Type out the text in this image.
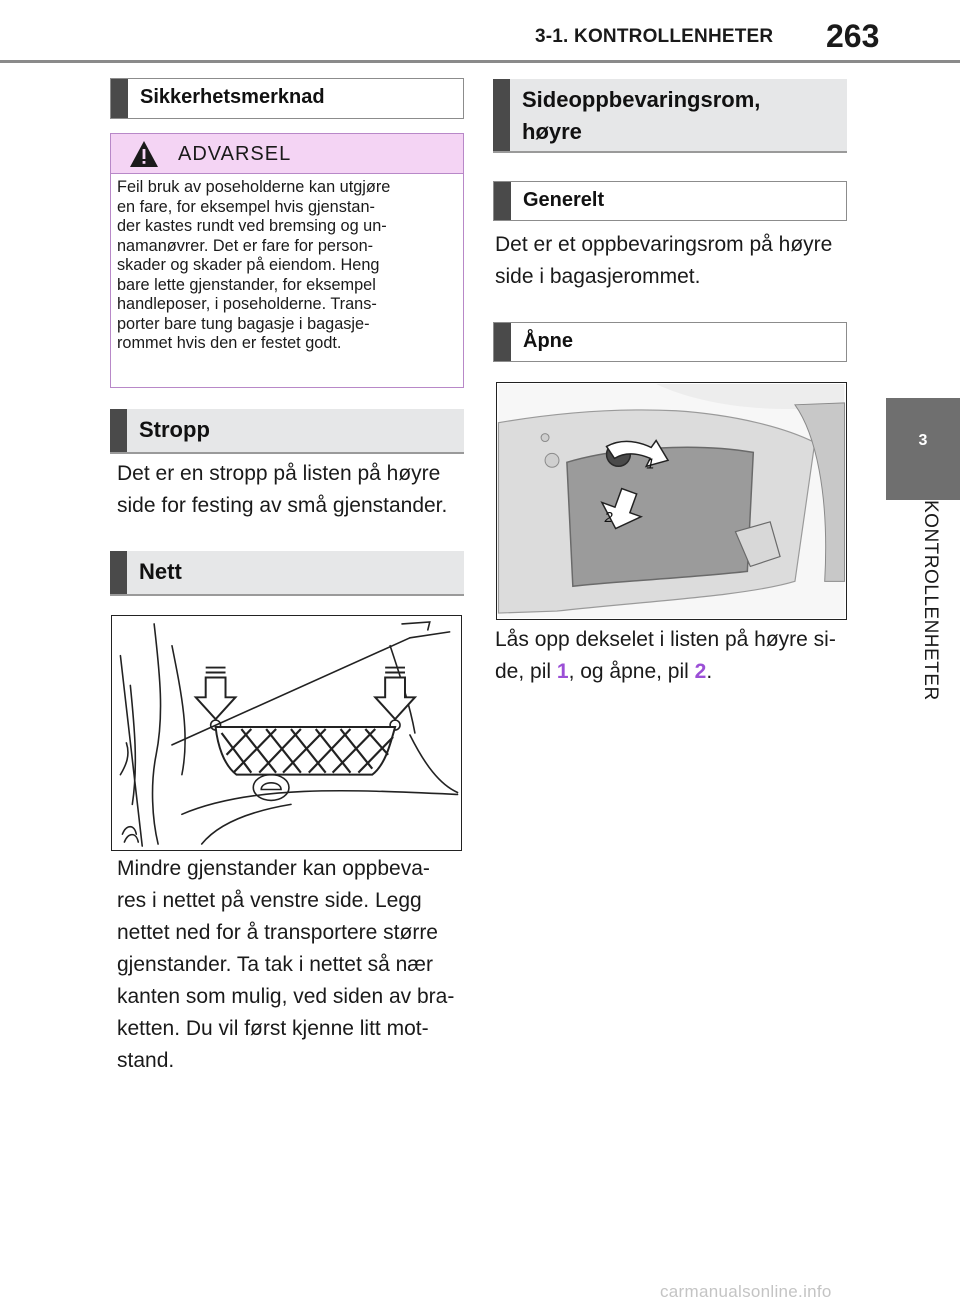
3-1. KONTROLLENHETER 263
3
KONTROLLENHETER
Sikkerhetsmerknad
ADVARSEL
Feil bruk av poseholderne kan utgjøre
en fare, for eksempel hvis gjenstan-
der kastes rundt ved bremsing og un-
namanøvrer. Det er fare for person-
skader og skader på eiendom. Heng
bare lette gjenstander, for eksempel
handleposer, i poseholderne. Trans-
porter bare tung bagasje i bagasje-
rommet hvis den er festet godt.
Stropp
Det er en stropp på listen på høyre
side for festing av små gjenstander.
Nett
Mindre gjenstander kan oppbeva-
res i nettet på venstre side. Legg
nettet ned for å transportere større
gjenstander. Ta tak i nettet så nær
kanten som mulig, ved siden av bra-
ketten. Du vil først kjenne litt mot-
stand.
Sideoppbevaringsrom,
høyre
Generelt
Det er et oppbevaringsrom på høyre
side i bagasjerommet.
Åpne
1
2
Lås opp dekselet i listen på høyre si-
de, pil 1, og åpne, pil 2.
carmanualsonline.info
